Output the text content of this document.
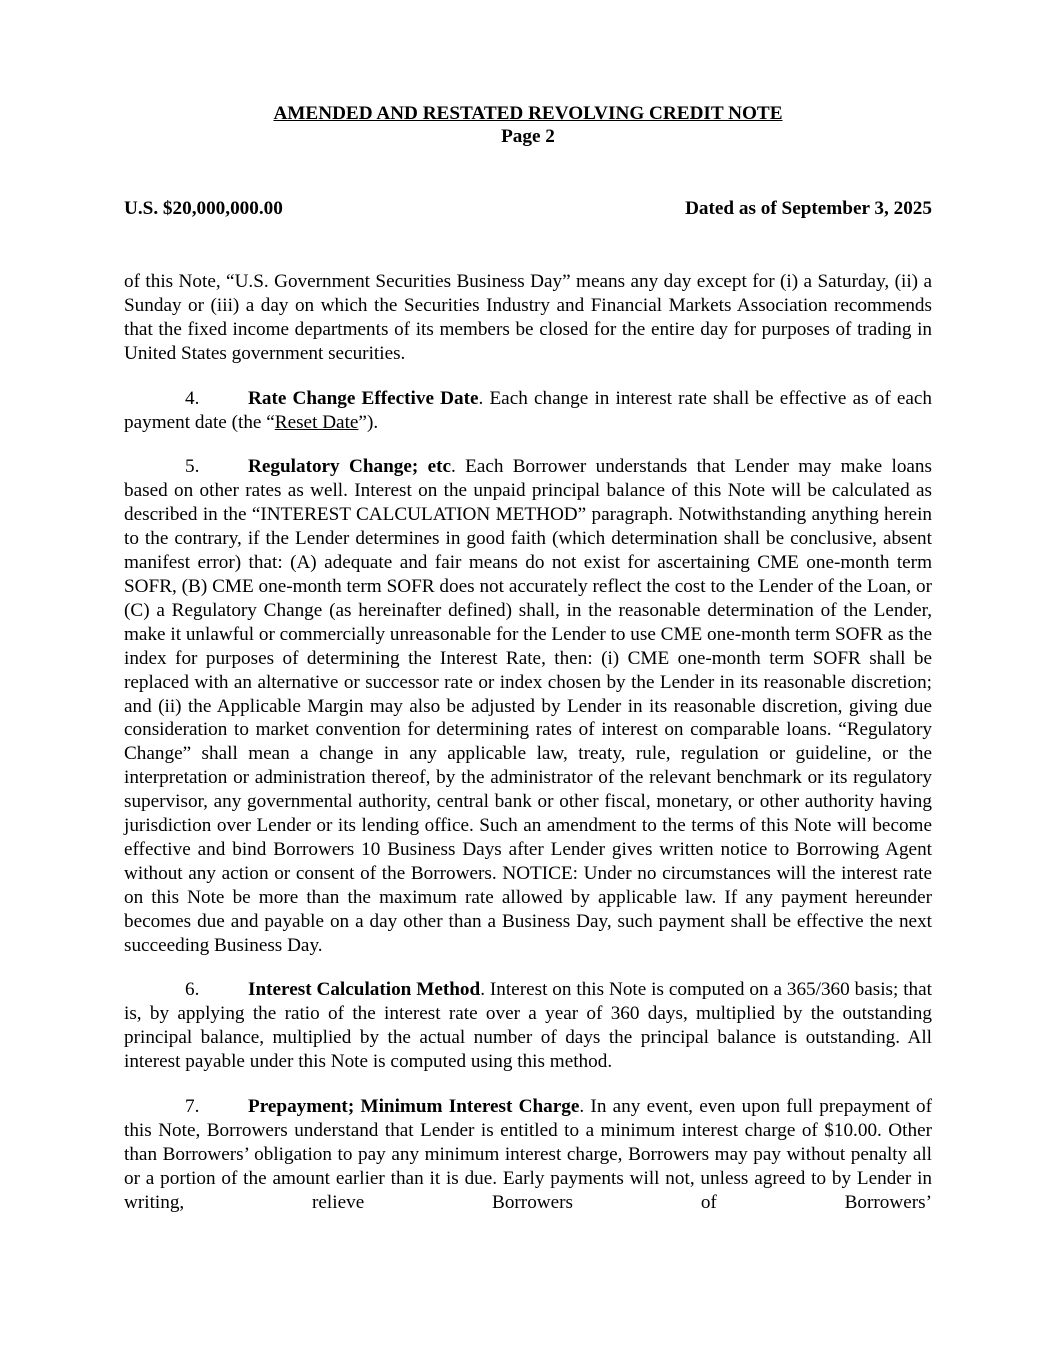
AMENDED AND RESTATED REVOLVING CREDIT NOTE
Page 2
U.S. $20,000,000.00	Dated as of September 3, 2025

of this Note, “U.S. Government Securities Business Day” means any day except for (i) a Saturday, (ii) a Sunday or (iii) a day on which the Securities Industry and Financial Markets Association recommends that the fixed income departments of its members be closed for the entire day for purposes of trading in United States government securities.

4.	Rate Change Effective Date. Each change in interest rate shall be effective as of each payment date (the “Reset Date”).

5.	Regulatory Change; etc. Each Borrower understands that Lender may make loans based on other rates as well. Interest on the unpaid principal balance of this Note will be calculated as described in the “INTEREST CALCULATION METHOD” paragraph. Notwithstanding anything herein to the contrary, if the Lender determines in good faith (which determination shall be conclusive, absent manifest error) that: (A) adequate and fair means do not exist for ascertaining CME one-month term SOFR, (B) CME one-month term SOFR does not accurately reflect the cost to the Lender of the Loan, or (C) a Regulatory Change (as hereinafter defined) shall, in the reasonable determination of the Lender, make it unlawful or commercially unreasonable for the Lender to use CME one-month term SOFR as the index for purposes of determining the Interest Rate, then: (i) CME one-month term SOFR shall be replaced with an alternative or successor rate or index chosen by the Lender in its reasonable discretion; and (ii) the Applicable Margin may also be adjusted by Lender in its reasonable discretion, giving due consideration to market convention for determining rates of interest on comparable loans. “Regulatory Change” shall mean a change in any applicable law, treaty, rule, regulation or guideline, or the interpretation or administration thereof, by the administrator of the relevant benchmark or its regulatory supervisor, any governmental authority, central bank or other fiscal, monetary, or other authority having jurisdiction over Lender or its lending office. Such an amendment to the terms of this Note will become effective and bind Borrowers 10 Business Days after Lender gives written notice to Borrowing Agent without any action or consent of the Borrowers. NOTICE: Under no circumstances will the interest rate on this Note be more than the maximum rate allowed by applicable law. If any payment hereunder becomes due and payable on a day other than a Business Day, such payment shall be effective the next succeeding Business Day.

6.	Interest Calculation Method. Interest on this Note is computed on a 365/360 basis; that is, by applying the ratio of the interest rate over a year of 360 days, multiplied by the outstanding principal balance, multiplied by the actual number of days the principal balance is outstanding. All interest payable under this Note is computed using this method.

7.	Prepayment; Minimum Interest Charge. In any event, even upon full prepayment of this Note, Borrowers understand that Lender is entitled to a minimum interest charge of $10.00. Other than Borrowers’ obligation to pay any minimum interest charge, Borrowers may pay without penalty all or a portion of the amount earlier than it is due. Early payments will not, unless agreed to by Lender in writing, relieve Borrowers of Borrowers’
